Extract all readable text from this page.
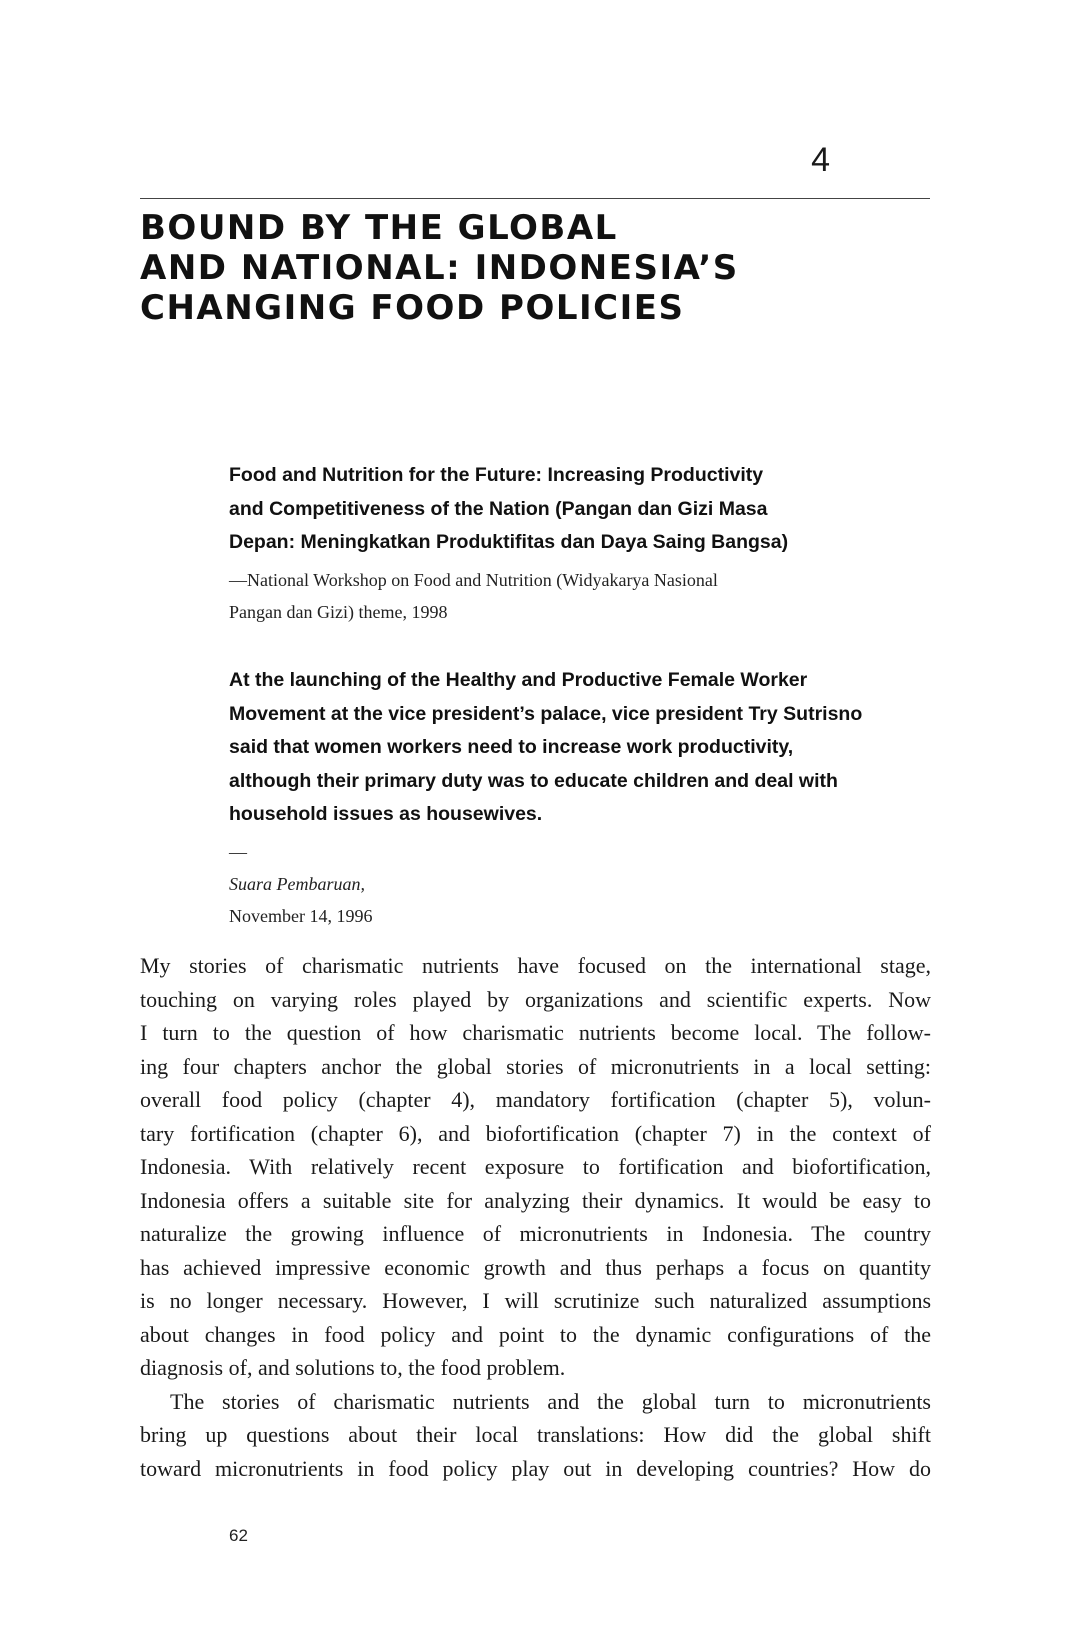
4
BOUND BY THE GLOBAL
AND NATIONAL: INDONESIA’S
CHANGING FOOD POLICIES

Food and Nutrition for the Future: Increasing Productivity
and Competitiveness of the Nation (Pangan dan Gizi Masa
Depan: Meningkatkan Produktifitas dan Daya Saing Bangsa)

—National Workshop on Food and Nutrition (Widyakarya Nasional
Pangan dan Gizi) theme, 1998

At the launching of the Healthy and Productive Female Worker
Movement at the vice president’s palace, vice president Try Sutrisno
said that women workers need to increase work productivity,
although their primary duty was to educate children and deal with
household issues as housewives.

—
Suara Pembaruan,
November 14, 1996

My stories of charismatic nutrients have focused on the international stage,
touching on varying roles played by organizations and scientific experts. Now
I turn to the question of how charismatic nutrients become local. The follow-
ing four chapters anchor the global stories of micronutrients in a local setting:
overall food policy (chapter 4), mandatory fortification (chapter 5), volun-
tary fortification (chapter 6), and biofortification (chapter 7) in the context of
Indonesia. With relatively recent exposure to fortification and biofortification,
Indonesia offers a suitable site for analyzing their dynamics. It would be easy to
naturalize the growing influence of micronutrients in Indonesia. The country
has achieved impressive economic growth and thus perhaps a focus on quantity
is no longer necessary. However, I will scrutinize such naturalized assumptions
about changes in food policy and point to the dynamic configurations of the
diagnosis of, and solutions to, the food problem.
The stories of charismatic nutrients and the global turn to micronutrients
bring up questions about their local translations: How did the global shift
toward micronutrients in food policy play out in developing countries? How do
62
